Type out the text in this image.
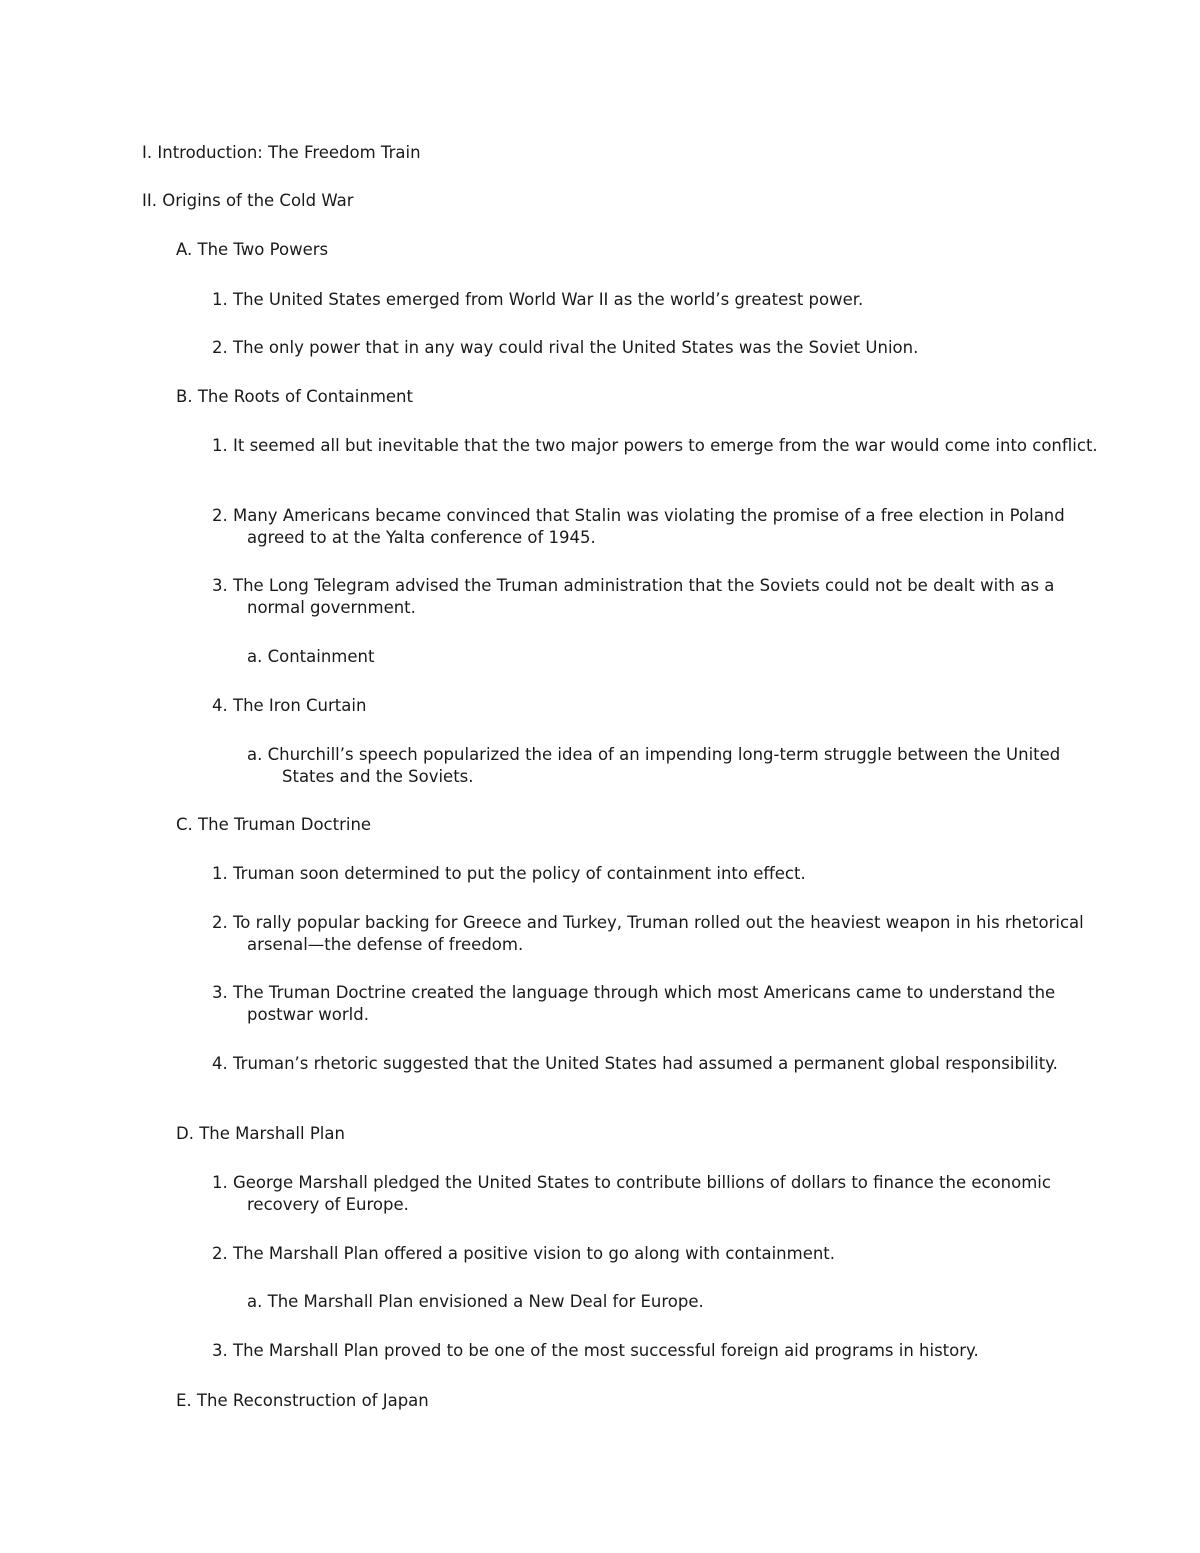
I. Introduction: The Freedom Train

II. Origins of the Cold War

A. The Two Powers

1. The United States emerged from World War II as the world’s greatest power.

2. The only power that in any way could rival the United States was the Soviet Union.

B. The Roots of Containment

1. It seemed all but inevitable that the two major powers to emerge from the war would come into conflict.

2. Many Americans became convinced that Stalin was violating the promise of a free election in Poland agreed to at the Yalta conference of 1945.

3. The Long Telegram advised the Truman administration that the Soviets could not be dealt with as a normal government.

a. Containment

4. The Iron Curtain

a. Churchill’s speech popularized the idea of an impending long-term struggle between the United States and the Soviets.

C. The Truman Doctrine

1. Truman soon determined to put the policy of containment into effect.

2. To rally popular backing for Greece and Turkey, Truman rolled out the heaviest weapon in his rhetorical arsenal—the defense of freedom.

3. The Truman Doctrine created the language through which most Americans came to understand the postwar world.

4. Truman’s rhetoric suggested that the United States had assumed a permanent global responsibility.

D. The Marshall Plan

1. George Marshall pledged the United States to contribute billions of dollars to finance the economic recovery of Europe.

2. The Marshall Plan offered a positive vision to go along with containment.

a. The Marshall Plan envisioned a New Deal for Europe.

3. The Marshall Plan proved to be one of the most successful foreign aid programs in history.

E. The Reconstruction of Japan
